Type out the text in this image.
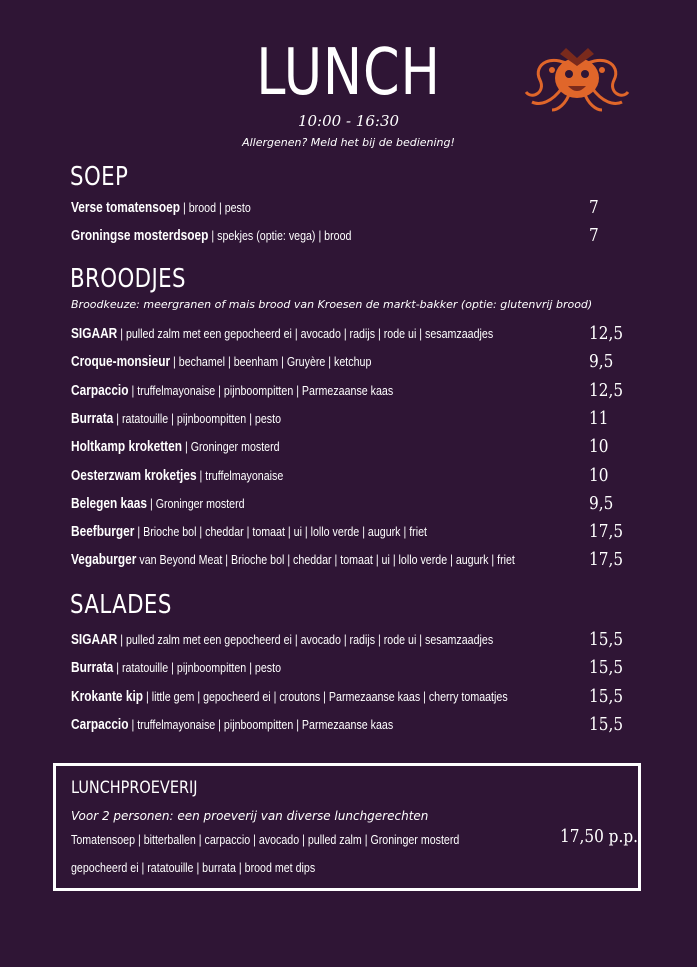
LUNCH
10:00 - 16:30
Allergenen? Meld het bij de bediening!
SOEP
Verse tomatensoep | brood | pesto	7
Groningse mosterdsoep | spekjes (optie: vega) | brood	7
BROODJES
Broodkeuze: meergranen of mais brood van Kroesen de markt-bakker (optie: glutenvrij brood)
SIGAAR | pulled zalm met een gepocheerd ei | avocado | radijs | rode ui | sesamzaadjes	12,5
Croque-monsieur | bechamel | beenham | Gruyère | ketchup	9,5
Carpaccio | truffelmayonaise | pijnboompitten | Parmezaanse kaas	12,5
Burrata | ratatouille | pijnboompitten | pesto	11
Holtkamp kroketten | Groninger mosterd	10
Oesterzwam kroketjes | truffelmayonaise	10
Belegen kaas | Groninger mosterd	9,5
Beefburger | Brioche bol | cheddar | tomaat | ui | lollo verde | augurk | friet	17,5
Vegaburger van Beyond Meat | Brioche bol | cheddar | tomaat | ui | lollo verde | augurk | friet	17,5
SALADES
SIGAAR | pulled zalm met een gepocheerd ei | avocado | radijs | rode ui | sesamzaadjes	15,5
Burrata | ratatouille | pijnboompitten | pesto	15,5
Krokante kip | little gem | gepocheerd ei | croutons | Parmezaanse kaas | cherry tomaatjes	15,5
Carpaccio | truffelmayonaise | pijnboompitten | Parmezaanse kaas	15,5
LUNCHPROEVERIJ
Voor 2 personen: een proeverij van diverse lunchgerechten
Tomatensoep | bitterballen | carpaccio | avocado | pulled zalm | Groninger mosterd
gepocheerd ei | ratatouille | burrata | brood met dips
17,50 p.p.
